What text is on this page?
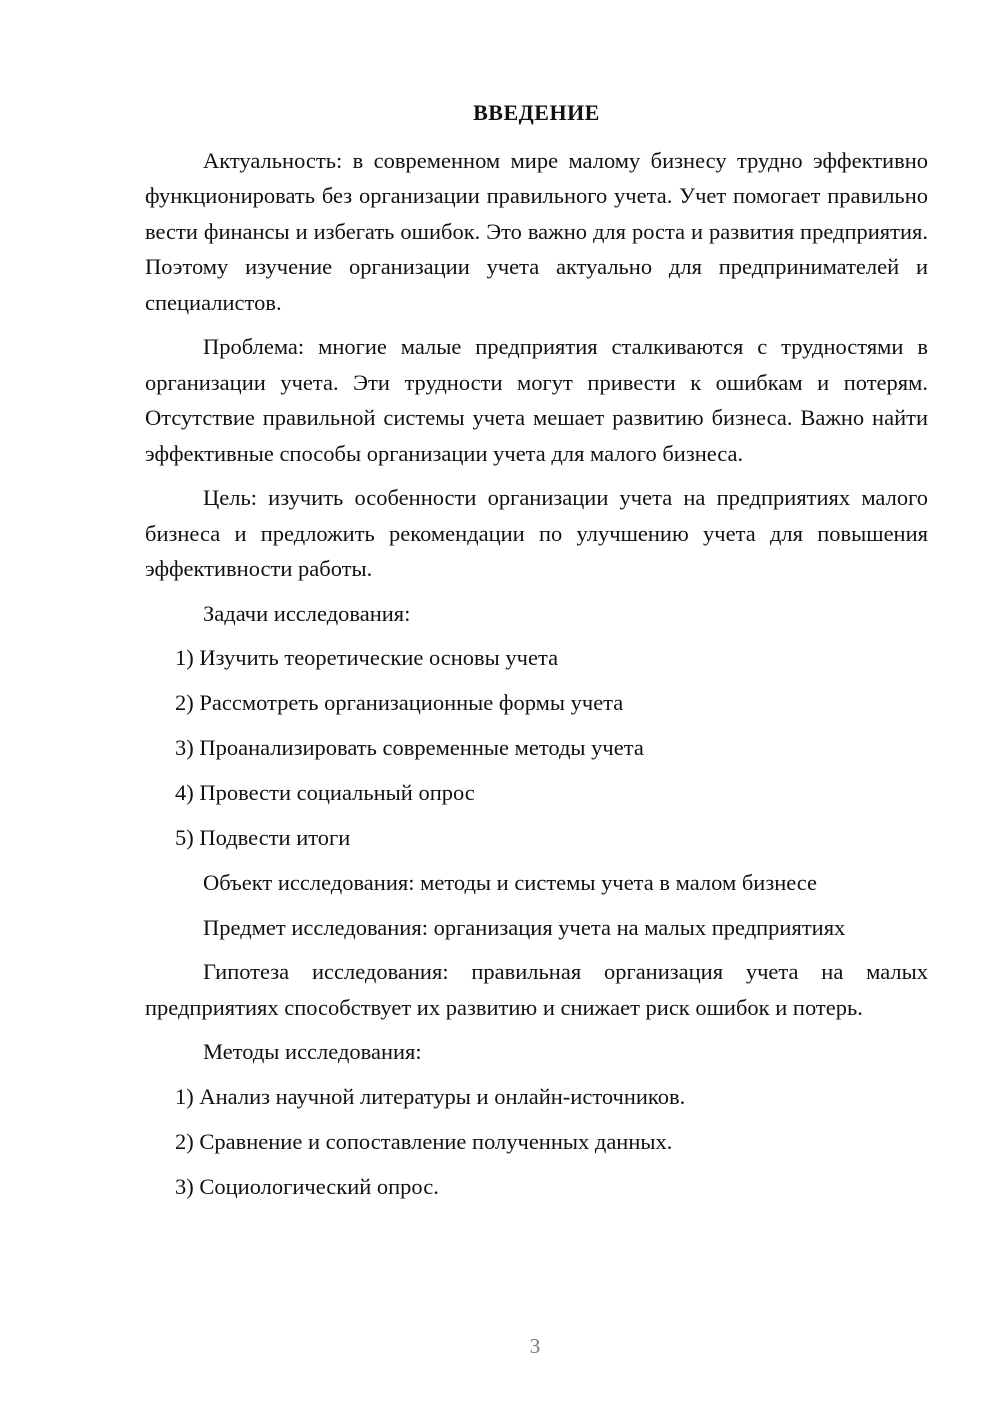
ВВЕДЕНИЕ

Актуальность: в современном мире малому бизнесу трудно эффективно функционировать без организации правильного учета. Учет помогает правильно вести финансы и избегать ошибок. Это важно для роста и развития предприятия. Поэтому изучение организации учета актуально для предпринимателей и специалистов.

Проблема: многие малые предприятия сталкиваются с трудностями в организации учета. Эти трудности могут привести к ошибкам и потерям. Отсутствие правильной системы учета мешает развитию бизнеса. Важно найти эффективные способы организации учета для малого бизнеса.

Цель: изучить особенности организации учета на предприятиях малого бизнеса и предложить рекомендации по улучшению учета для повышения эффективности работы.

Задачи исследования:
1) Изучить теоретические основы учета
2) Рассмотреть организационные формы учета
3) Проанализировать современные методы учета
4) Провести социальный опрос
5) Подвести итоги
Объект исследования: методы и системы учета в малом бизнесе
Предмет исследования: организация учета на малых предприятиях

Гипотеза исследования: правильная организация учета на малых предприятиях способствует их развитию и снижает риск ошибок и потерь.

Методы исследования:
1) Анализ научной литературы и онлайн-источников.
2) Сравнение и сопоставление полученных данных.
3) Социологический опрос.
3
